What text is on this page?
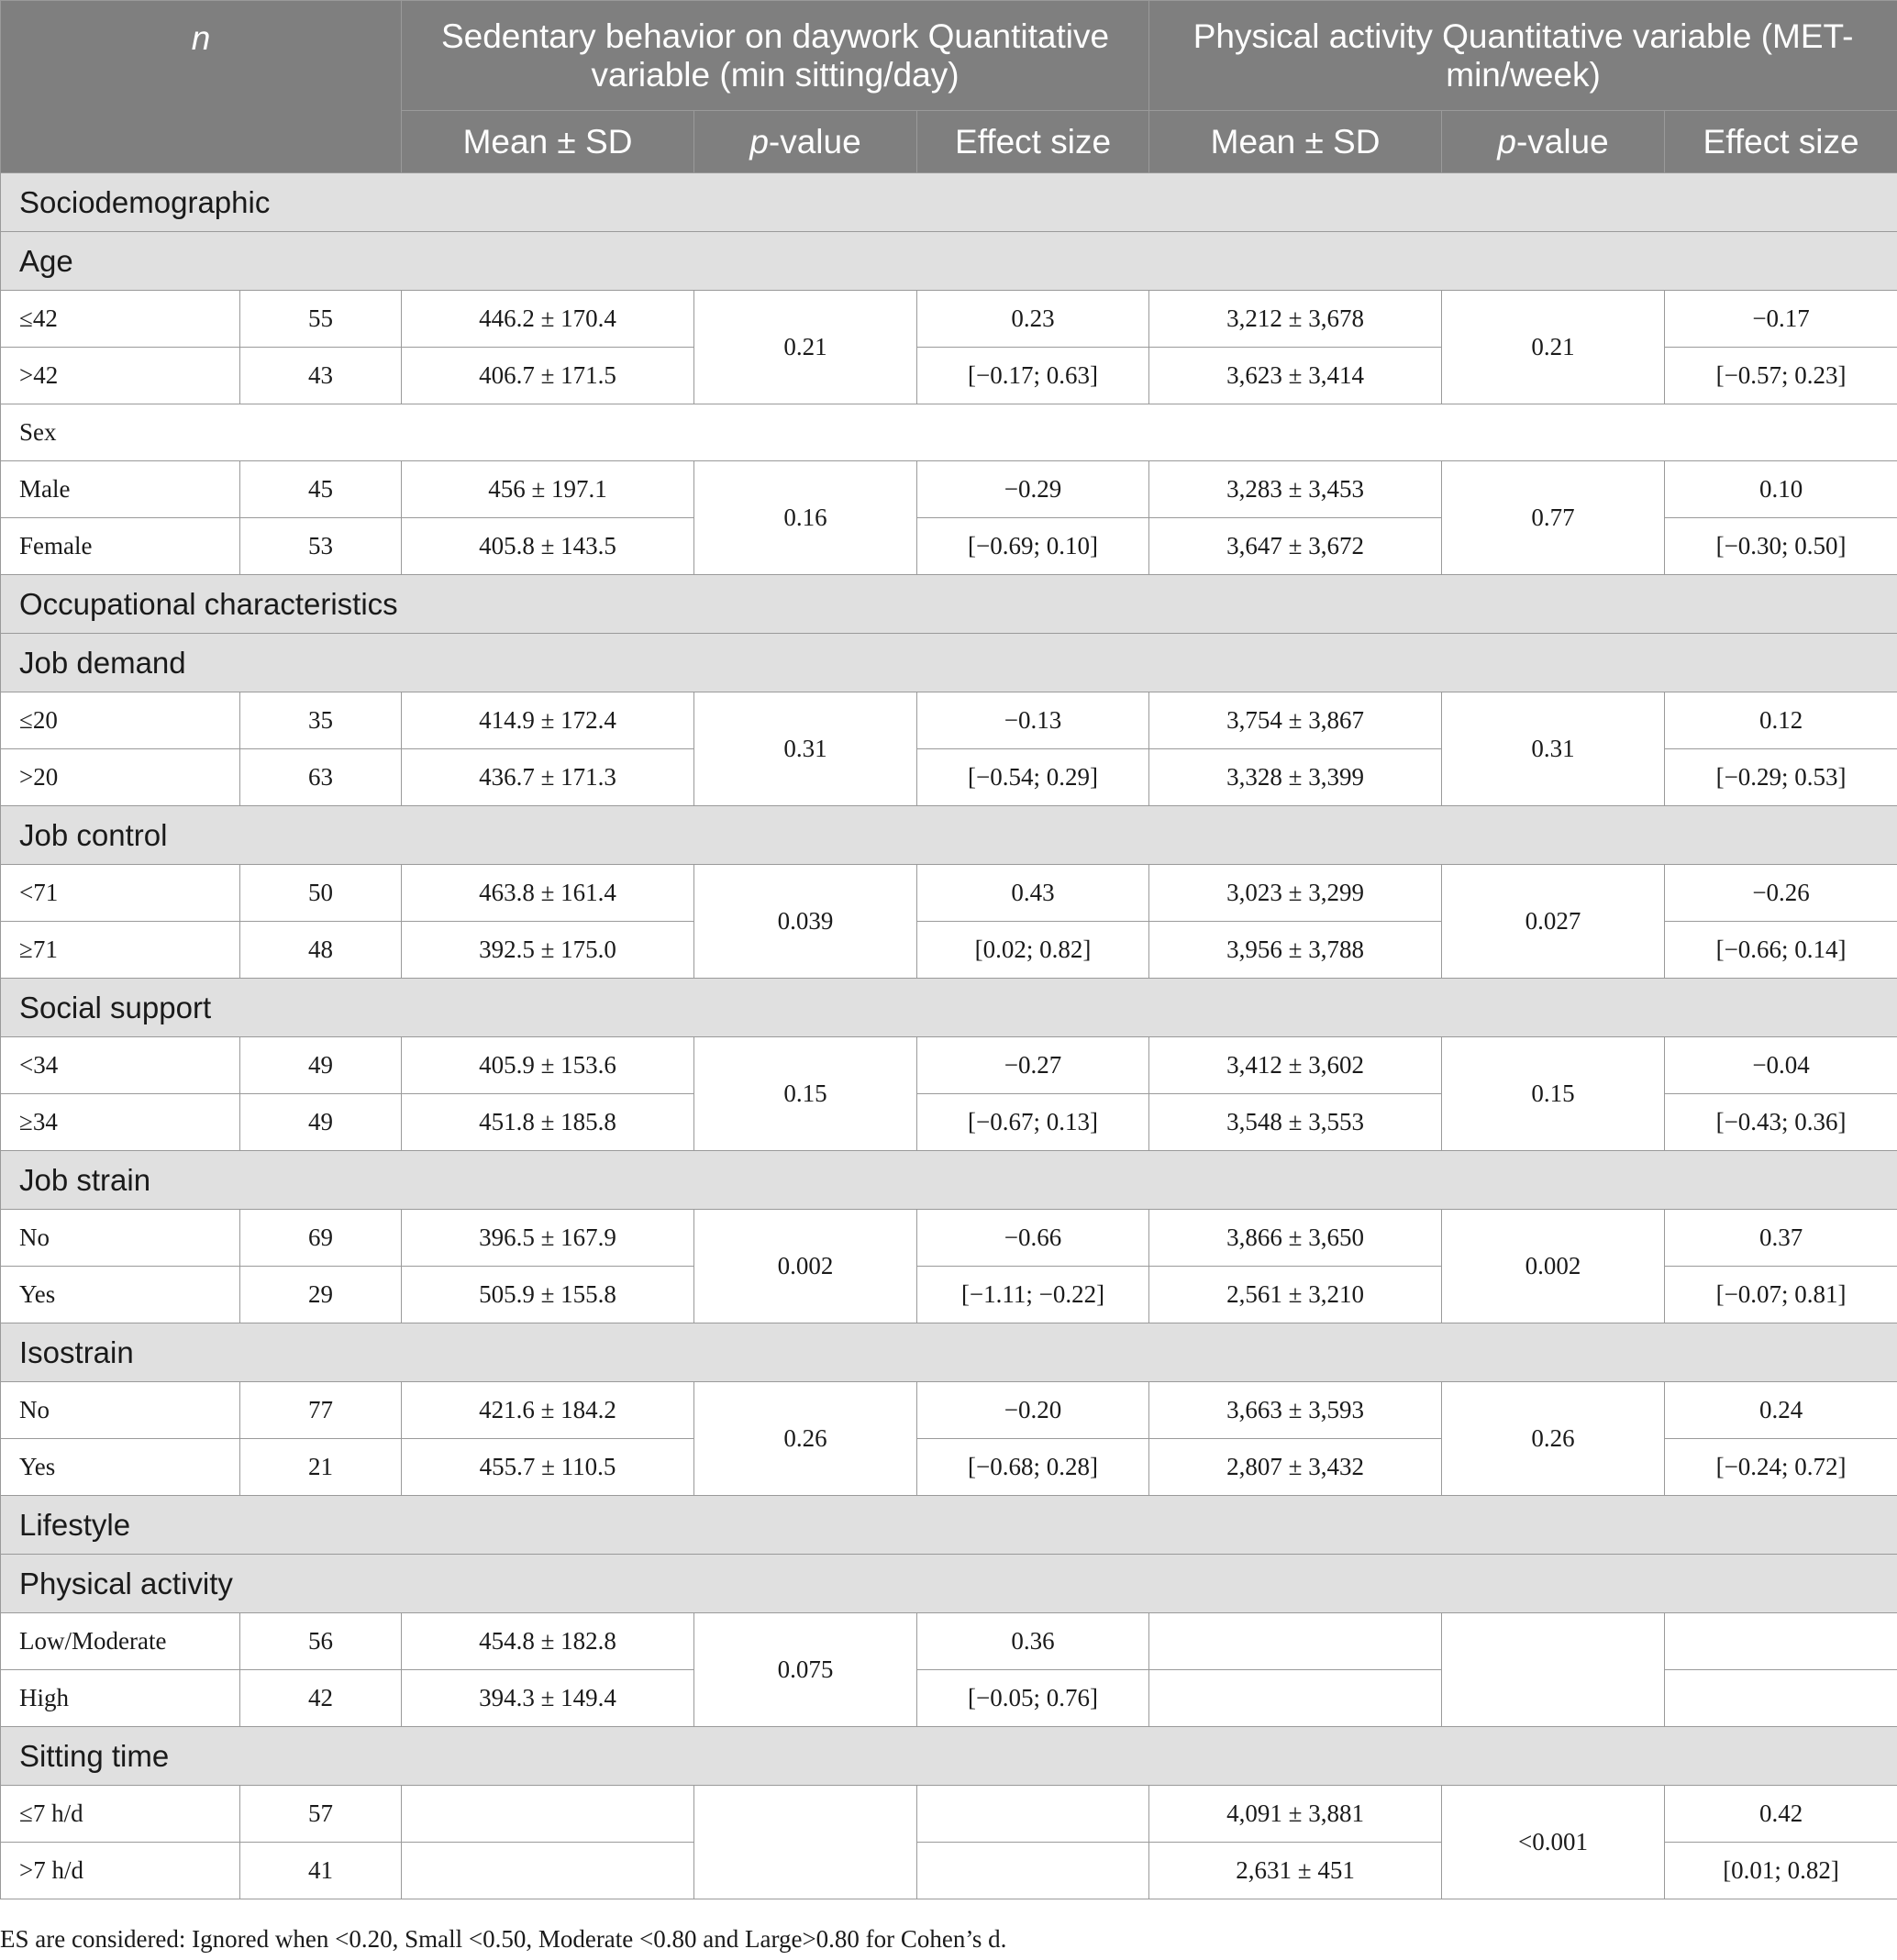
n		Sedentary behavior on daywork Quantitative variable (min sitting/day)			Physical activity Quantitative variable (MET-min/week)		
		Mean ± SD	p-value	Effect size	Mean ± SD	p-value	Effect size
Sociodemographic							
Age							
≤42	55	446.2 ± 170.4	0.21	0.23	3,212 ± 3,678	0.21	−0.17
>42	43	406.7 ± 171.5		[−0.17; 0.63]	3,623 ± 3,414		[−0.57; 0.23]
Sex							
Male	45	456 ± 197.1	0.16	−0.29	3,283 ± 3,453	0.77	0.10
Female	53	405.8 ± 143.5		[−0.69; 0.10]	3,647 ± 3,672		[−0.30; 0.50]
Occupational characteristics							
Job demand							
≤20	35	414.9 ± 172.4	0.31	−0.13	3,754 ± 3,867	0.31	0.12
>20	63	436.7 ± 171.3		[−0.54; 0.29]	3,328 ± 3,399		[−0.29; 0.53]
Job control							
<71	50	463.8 ± 161.4	0.039	0.43	3,023 ± 3,299	0.027	−0.26
≥71	48	392.5 ± 175.0		[0.02; 0.82]	3,956 ± 3,788		[−0.66; 0.14]
Social support							
<34	49	405.9 ± 153.6	0.15	−0.27	3,412 ± 3,602	0.15	−0.04
≥34	49	451.8 ± 185.8		[−0.67; 0.13]	3,548 ± 3,553		[−0.43; 0.36]
Job strain							
No	69	396.5 ± 167.9	0.002	−0.66	3,866 ± 3,650	0.002	0.37
Yes	29	505.9 ± 155.8		[−1.11; −0.22]	2,561 ± 3,210		[−0.07; 0.81]
Isostrain							
No	77	421.6 ± 184.2	0.26	−0.20	3,663 ± 3,593	0.26	0.24
Yes	21	455.7 ± 110.5		[−0.68; 0.28]	2,807 ± 3,432		[−0.24; 0.72]
Lifestyle							
Physical activity							
Low/Moderate	56	454.8 ± 182.8	0.075	0.36			
High	42	394.3 ± 149.4		[−0.05; 0.76]			
Sitting time							
≤7 h/d	57				4,091 ± 3,881	<0.001	0.42
>7 h/d	41				2,631 ± 451		[0.01; 0.82]
ES are considered: Ignored when <0.20, Small <0.50, Moderate <0.80 and Large>0.80 for Cohen’s d.
